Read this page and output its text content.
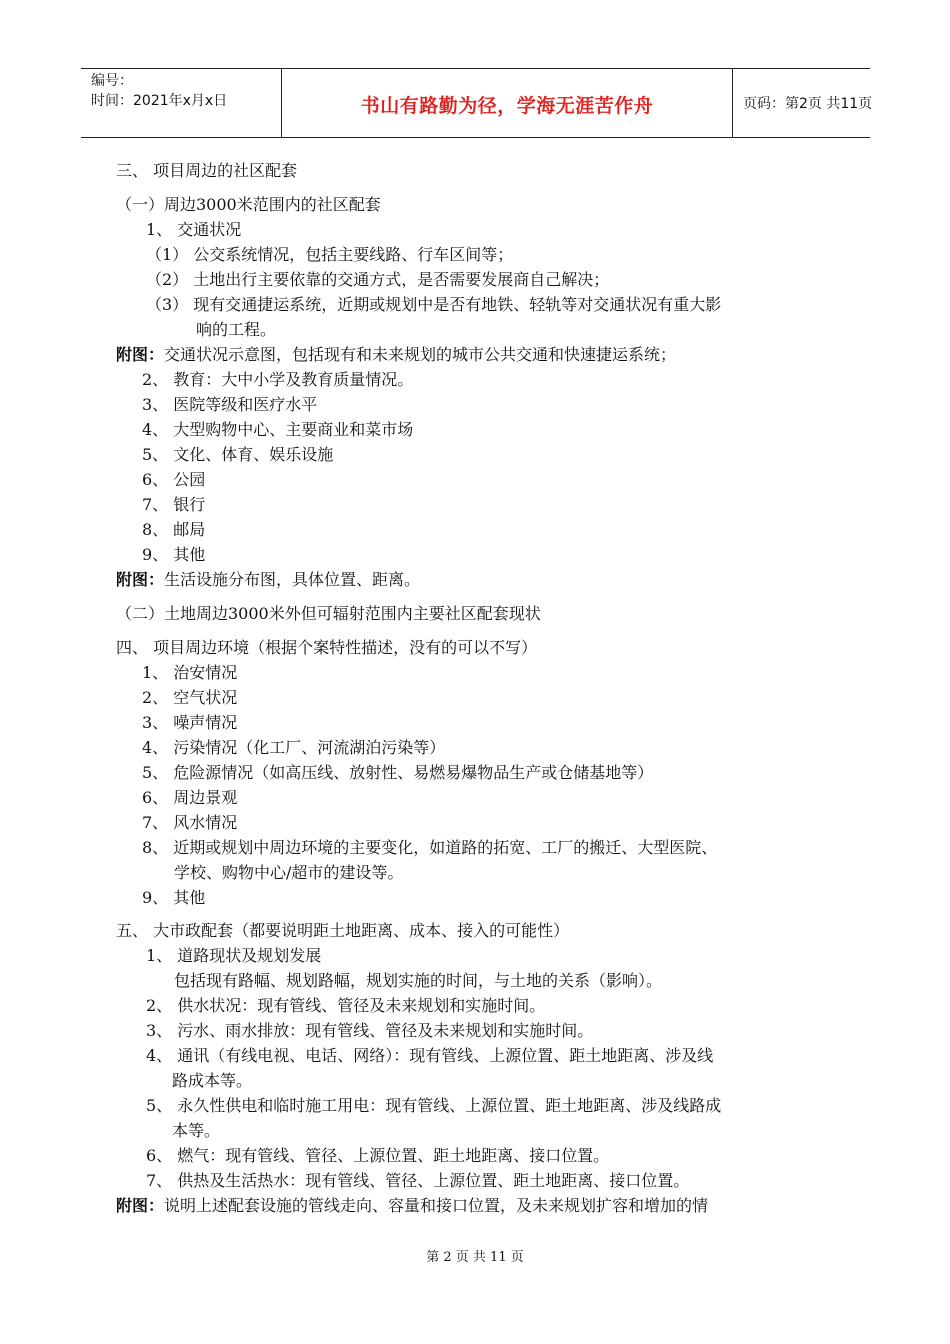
编号：
时间：2021年x月x日	书山有路勤为径，学海无涯苦作舟	页码：第2页 共11页
三、 项目周边的社区配套
（一）周边3000米范围内的社区配套
1、 交通状况
（1） 公交系统情况，包括主要线路、行车区间等；
（2） 土地出行主要依靠的交通方式，是否需要发展商自己解决；
（3） 现有交通捷运系统，近期或规划中是否有地铁、轻轨等对交通状况有重大影
响的工程。
附图：交通状况示意图，包括现有和未来规划的城市公共交通和快速捷运系统；
2、 教育：大中小学及教育质量情况。
3、 医院等级和医疗水平
4、 大型购物中心、主要商业和菜市场
5、 文化、体育、娱乐设施
6、 公园
7、 银行
8、 邮局
9、 其他
附图：生活设施分布图，具体位置、距离。
（二）土地周边3000米外但可辐射范围内主要社区配套现状
四、 项目周边环境（根据个案特性描述，没有的可以不写）
1、 治安情况
2、 空气状况
3、 噪声情况
4、 污染情况（化工厂、河流湖泊污染等）
5、 危险源情况（如高压线、放射性、易燃易爆物品生产或仓储基地等）
6、 周边景观
7、 风水情况
8、 近期或规划中周边环境的主要变化，如道路的拓宽、工厂的搬迁、大型医院、
学校、购物中心/超市的建设等。
9、 其他
五、 大市政配套（都要说明距土地距离、成本、接入的可能性）
1、 道路现状及规划发展
包括现有路幅、规划路幅，规划实施的时间，与土地的关系（影响）。
2、 供水状况：现有管线、管径及未来规划和实施时间。
3、 污水、雨水排放：现有管线、管径及未来规划和实施时间。
4、 通讯（有线电视、电话、网络）：现有管线、上源位置、距土地距离、涉及线
路成本等。
5、 永久性供电和临时施工用电：现有管线、上源位置、距土地距离、涉及线路成
本等。
6、 燃气：现有管线、管径、上源位置、距土地距离、接口位置。
7、 供热及生活热水：现有管线、管径、上源位置、距土地距离、接口位置。
附图：说明上述配套设施的管线走向、容量和接口位置，及未来规划扩容和增加的情
第 2 页 共 11 页
